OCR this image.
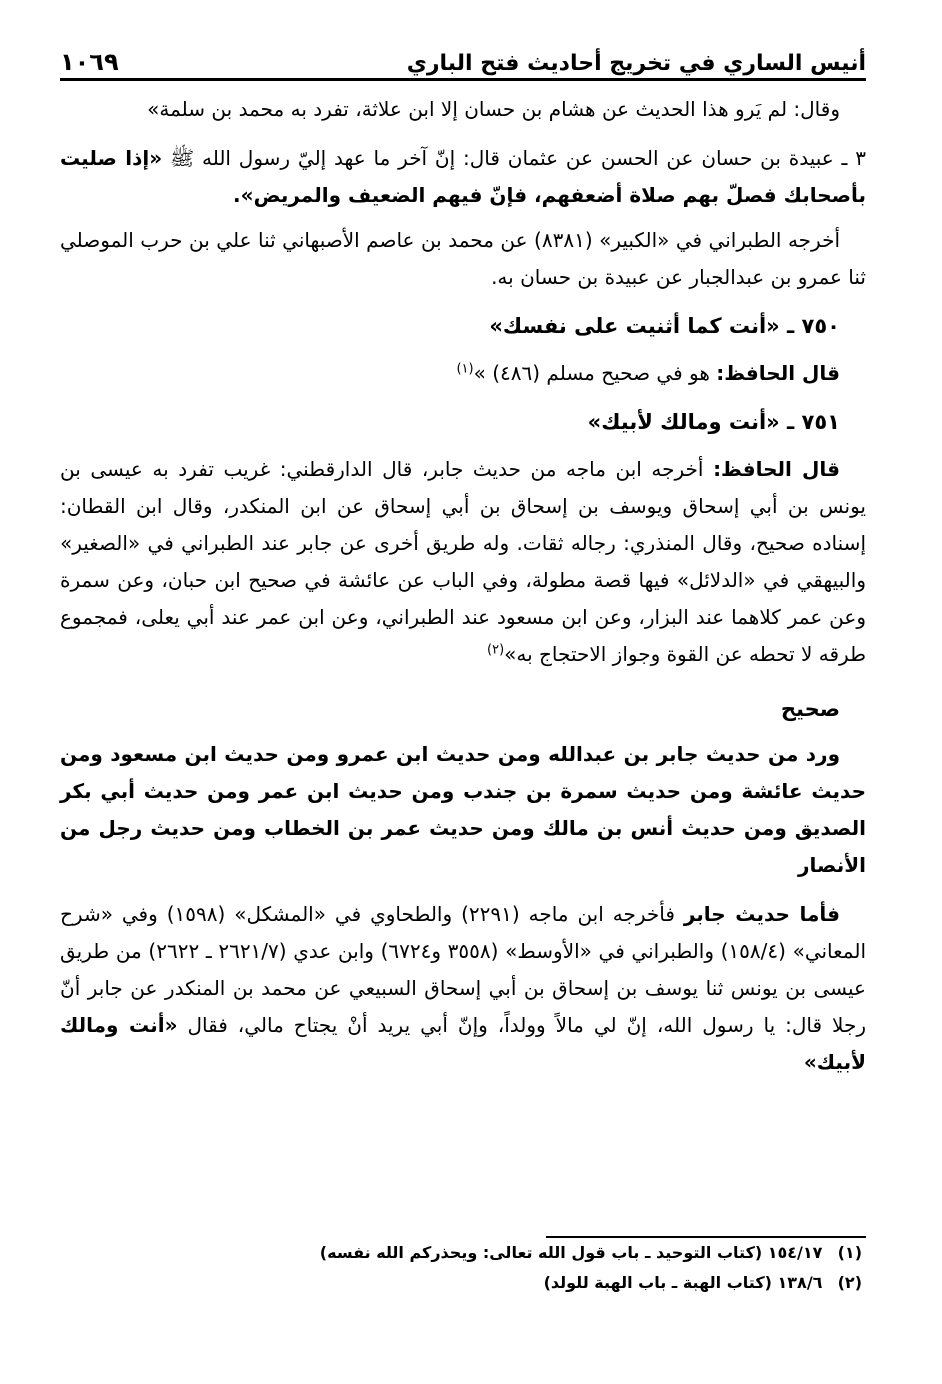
أنيس الساري في تخريج أحاديث فتح الباري
١٠٦٩

وقال: لم يَرو هذا الحديث عن هشام بن حسان إلا ابن علاثة، تفرد به محمد بن سلمة»

٣ ـ عبيدة بن حسان عن الحسن عن عثمان قال: إنّ آخر ما عهد إليّ رسول الله ﷺ «إذا صليت بأصحابك فصلّ بهم صلاة أضعفهم، فإنّ فيهم الضعيف والمريض».

أخرجه الطبراني في «الكبير» (٨٣٨١) عن محمد بن عاصم الأصبهاني ثنا علي بن حرب الموصلي ثنا عمرو بن عبدالجبار عن عبيدة بن حسان به.

٧٥٠ ـ «أنت كما أثنيت على نفسك»

قال الحافظ: هو في صحيح مسلم (٤٨٦) »$^{(١)}$

٧٥١ ـ «أنت ومالك لأبيك»

قال الحافظ: أخرجه ابن ماجه من حديث جابر، قال الدارقطني: غريب تفرد به عيسى بن يونس بن أبي إسحاق ويوسف بن إسحاق بن أبي إسحاق عن ابن المنكدر، وقال ابن القطان: إسناده صحيح، وقال المنذري: رجاله ثقات. وله طريق أخرى عن جابر عند الطبراني في «الصغير» والبيهقي في «الدلائل» فيها قصة مطولة، وفي الباب عن عائشة في صحيح ابن حبان، وعن سمرة وعن عمر كلاهما عند البزار، وعن ابن مسعود عند الطبراني، وعن ابن عمر عند أبي يعلى، فمجموع طرقه لا تحطه عن القوة وجواز الاحتجاج به»$^{(٢)}$

صحيح

ورد من حديث جابر بن عبدالله ومن حديث ابن عمرو ومن حديث ابن مسعود ومن حديث عائشة ومن حديث سمرة بن جندب ومن حديث ابن عمر ومن حديث أبي بكر الصديق ومن حديث أنس بن مالك ومن حديث عمر بن الخطاب ومن حديث رجل من الأنصار

فأما حديث جابر فأخرجه ابن ماجه (٢٢٩١) والطحاوي في «المشكل» (١٥٩٨) وفي «شرح المعاني» (١٥٨/٤) والطبراني في «الأوسط» (٣٥٥٨ و٦٧٢٤) وابن عدي (٢٦٢١/٧ ـ ٢٦٢٢) من طريق عيسى بن يونس ثنا يوسف بن إسحاق بن أبي إسحاق السبيعي عن محمد بن المنكدر عن جابر أنّ رجلا قال: يا رسول الله، إنّ لي مالاً وولداً، وإنّ أبي يريد أنْ يجتاح مالي، فقال «أنت ومالك لأبيك»

(١) ١٥٤/١٧ (كتاب التوحيد ـ باب قول الله تعالى: ويحذركم الله نفسه)
(٢) ١٣٨/٦ (كتاب الهبة ـ باب الهبة للولد)
